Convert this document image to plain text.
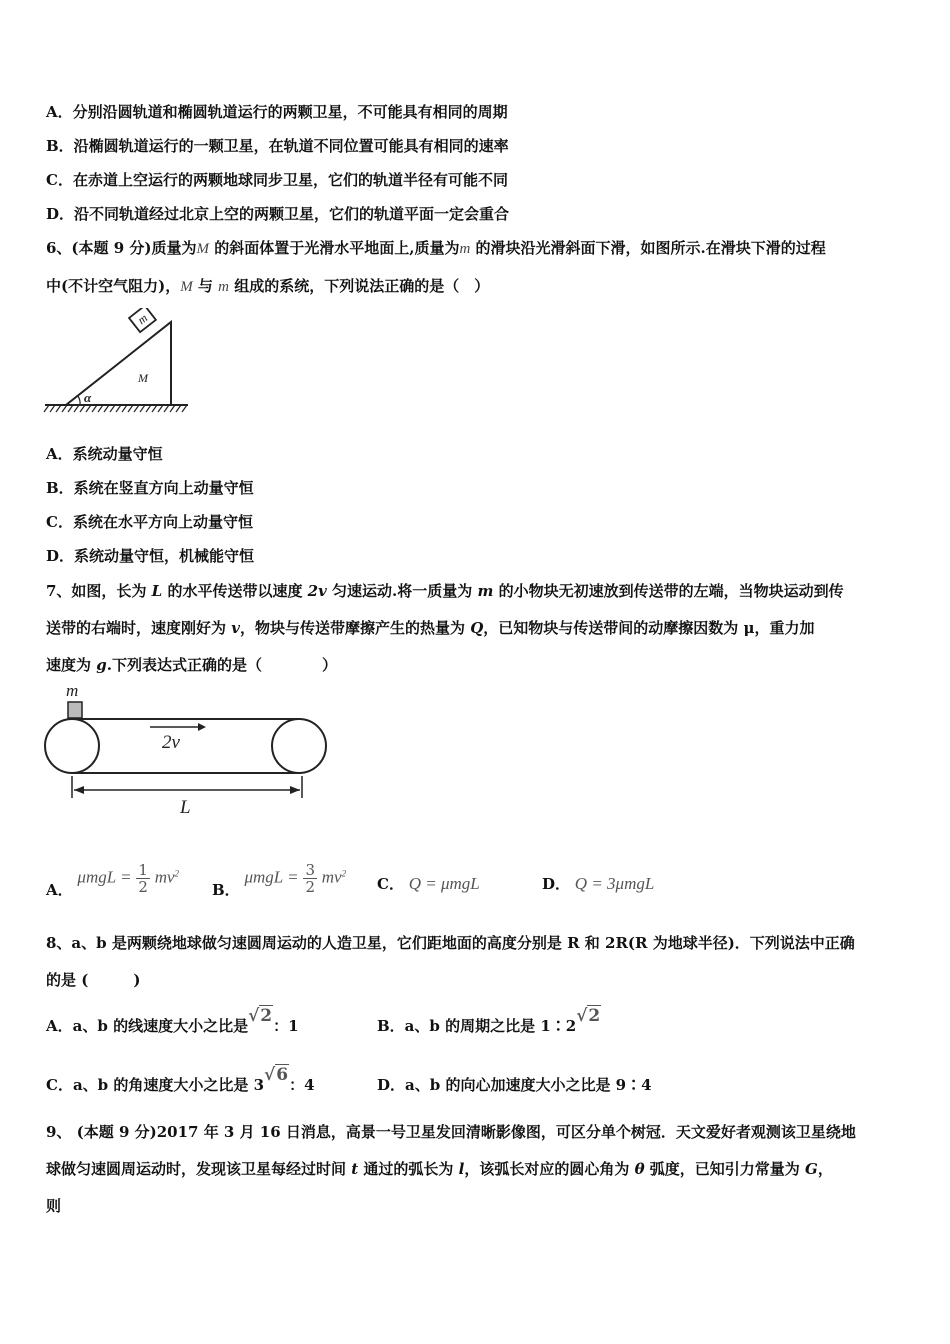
A．分别沿圆轨道和椭圆轨道运行的两颗卫星，不可能具有相同的周期
B．沿椭圆轨道运行的一颗卫星，在轨道不同位置可能具有相同的速率
C．在赤道上空运行的两颗地球同步卫星，它们的轨道半径有可能不同
D．沿不同轨道经过北京上空的两颗卫星，它们的轨道平面一定会重合
6、(本题 9 分)质量为M 的斜面体置于光滑水平地面上,质量为m 的滑块沿光滑斜面下滑，如图所示.在滑块下滑的过程
中(不计空气阻力)，M 与 m 组成的系统，下列说法正确的是（　）
m
M
α
A．系统动量守恒
B．系统在竖直方向上动量守恒
C．系统在水平方向上动量守恒
D．系统动量守恒，机械能守恒
7、如图，长为 L 的水平传送带以速度 2v 匀速运动.将一质量为 m 的小物块无初速放到传送带的左端，当物块运动到传
送带的右端时，速度刚好为 v，物块与传送带摩擦产生的热量为 Q，已知物块与传送带间的动摩擦因数为 μ，重力加
速度为 g.下列表达式正确的是（　　　　）
m
2v
L
A． $\mu mgL = \frac{1}{2} mv^2$
B． $\mu mgL = \frac{3}{2} mv^2$
C． Q = μmgL	D． Q = 3μmgL
8、a、b 是两颗绕地球做匀速圆周运动的人造卫星，它们距地面的高度分别是 R 和 2R(R 为地球半径)．下列说法中正确
的是 (　　　)
A．a、b 的线速度大小之比是√2：1	B．a、b 的周期之比是 1∶2√2
C．a、b 的角速度大小之比是 3√6：4	D．a、b 的向心加速度大小之比是 9∶4
9、 (本题 9 分)2017 年 3 月 16 日消息，高景一号卫星发回清晰影像图，可区分单个树冠．天文爱好者观测该卫星绕地
球做匀速圆周运动时，发现该卫星每经过时间 t 通过的弧长为 l，该弧长对应的圆心角为 θ 弧度，已知引力常量为 G，
则
